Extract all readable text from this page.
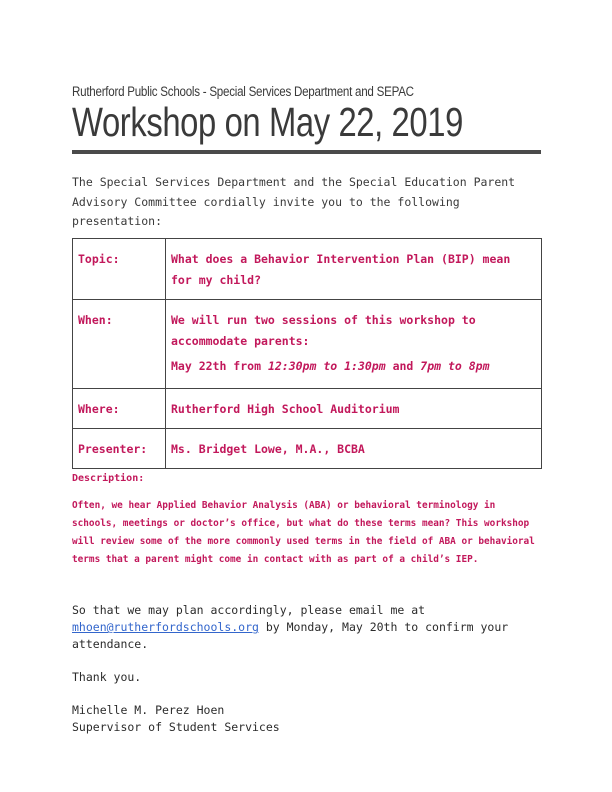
Rutherford Public Schools - Special Services Department and SEPAC
Workshop on May 22, 2019
The Special Services Department and the Special Education Parent Advisory Committee cordially invite you to the following presentation:
Topic:	What does a Behavior Intervention Plan (BIP) mean for my child?
When:	We will run two sessions of this workshop to accommodate parents:

May 22th from 12:30pm to 1:30pm and 7pm to 8pm

Where:	Rutherford High School Auditorium
Presenter:	Ms. Bridget Lowe, M.A., BCBA
Description:
Often, we hear Applied Behavior Analysis (ABA) or behavioral terminology in schools, meetings or doctor’s office, but what do these terms mean? This workshop will review some of the more commonly used terms in the field of ABA or behavioral terms that a parent might come in contact with as part of a child’s IEP.
So that we may plan accordingly, please email me at mhoen@rutherfordschools.org by Monday, May 20th to confirm your attendance.
Thank you.
Michelle M. Perez Hoen
Supervisor of Student Services
